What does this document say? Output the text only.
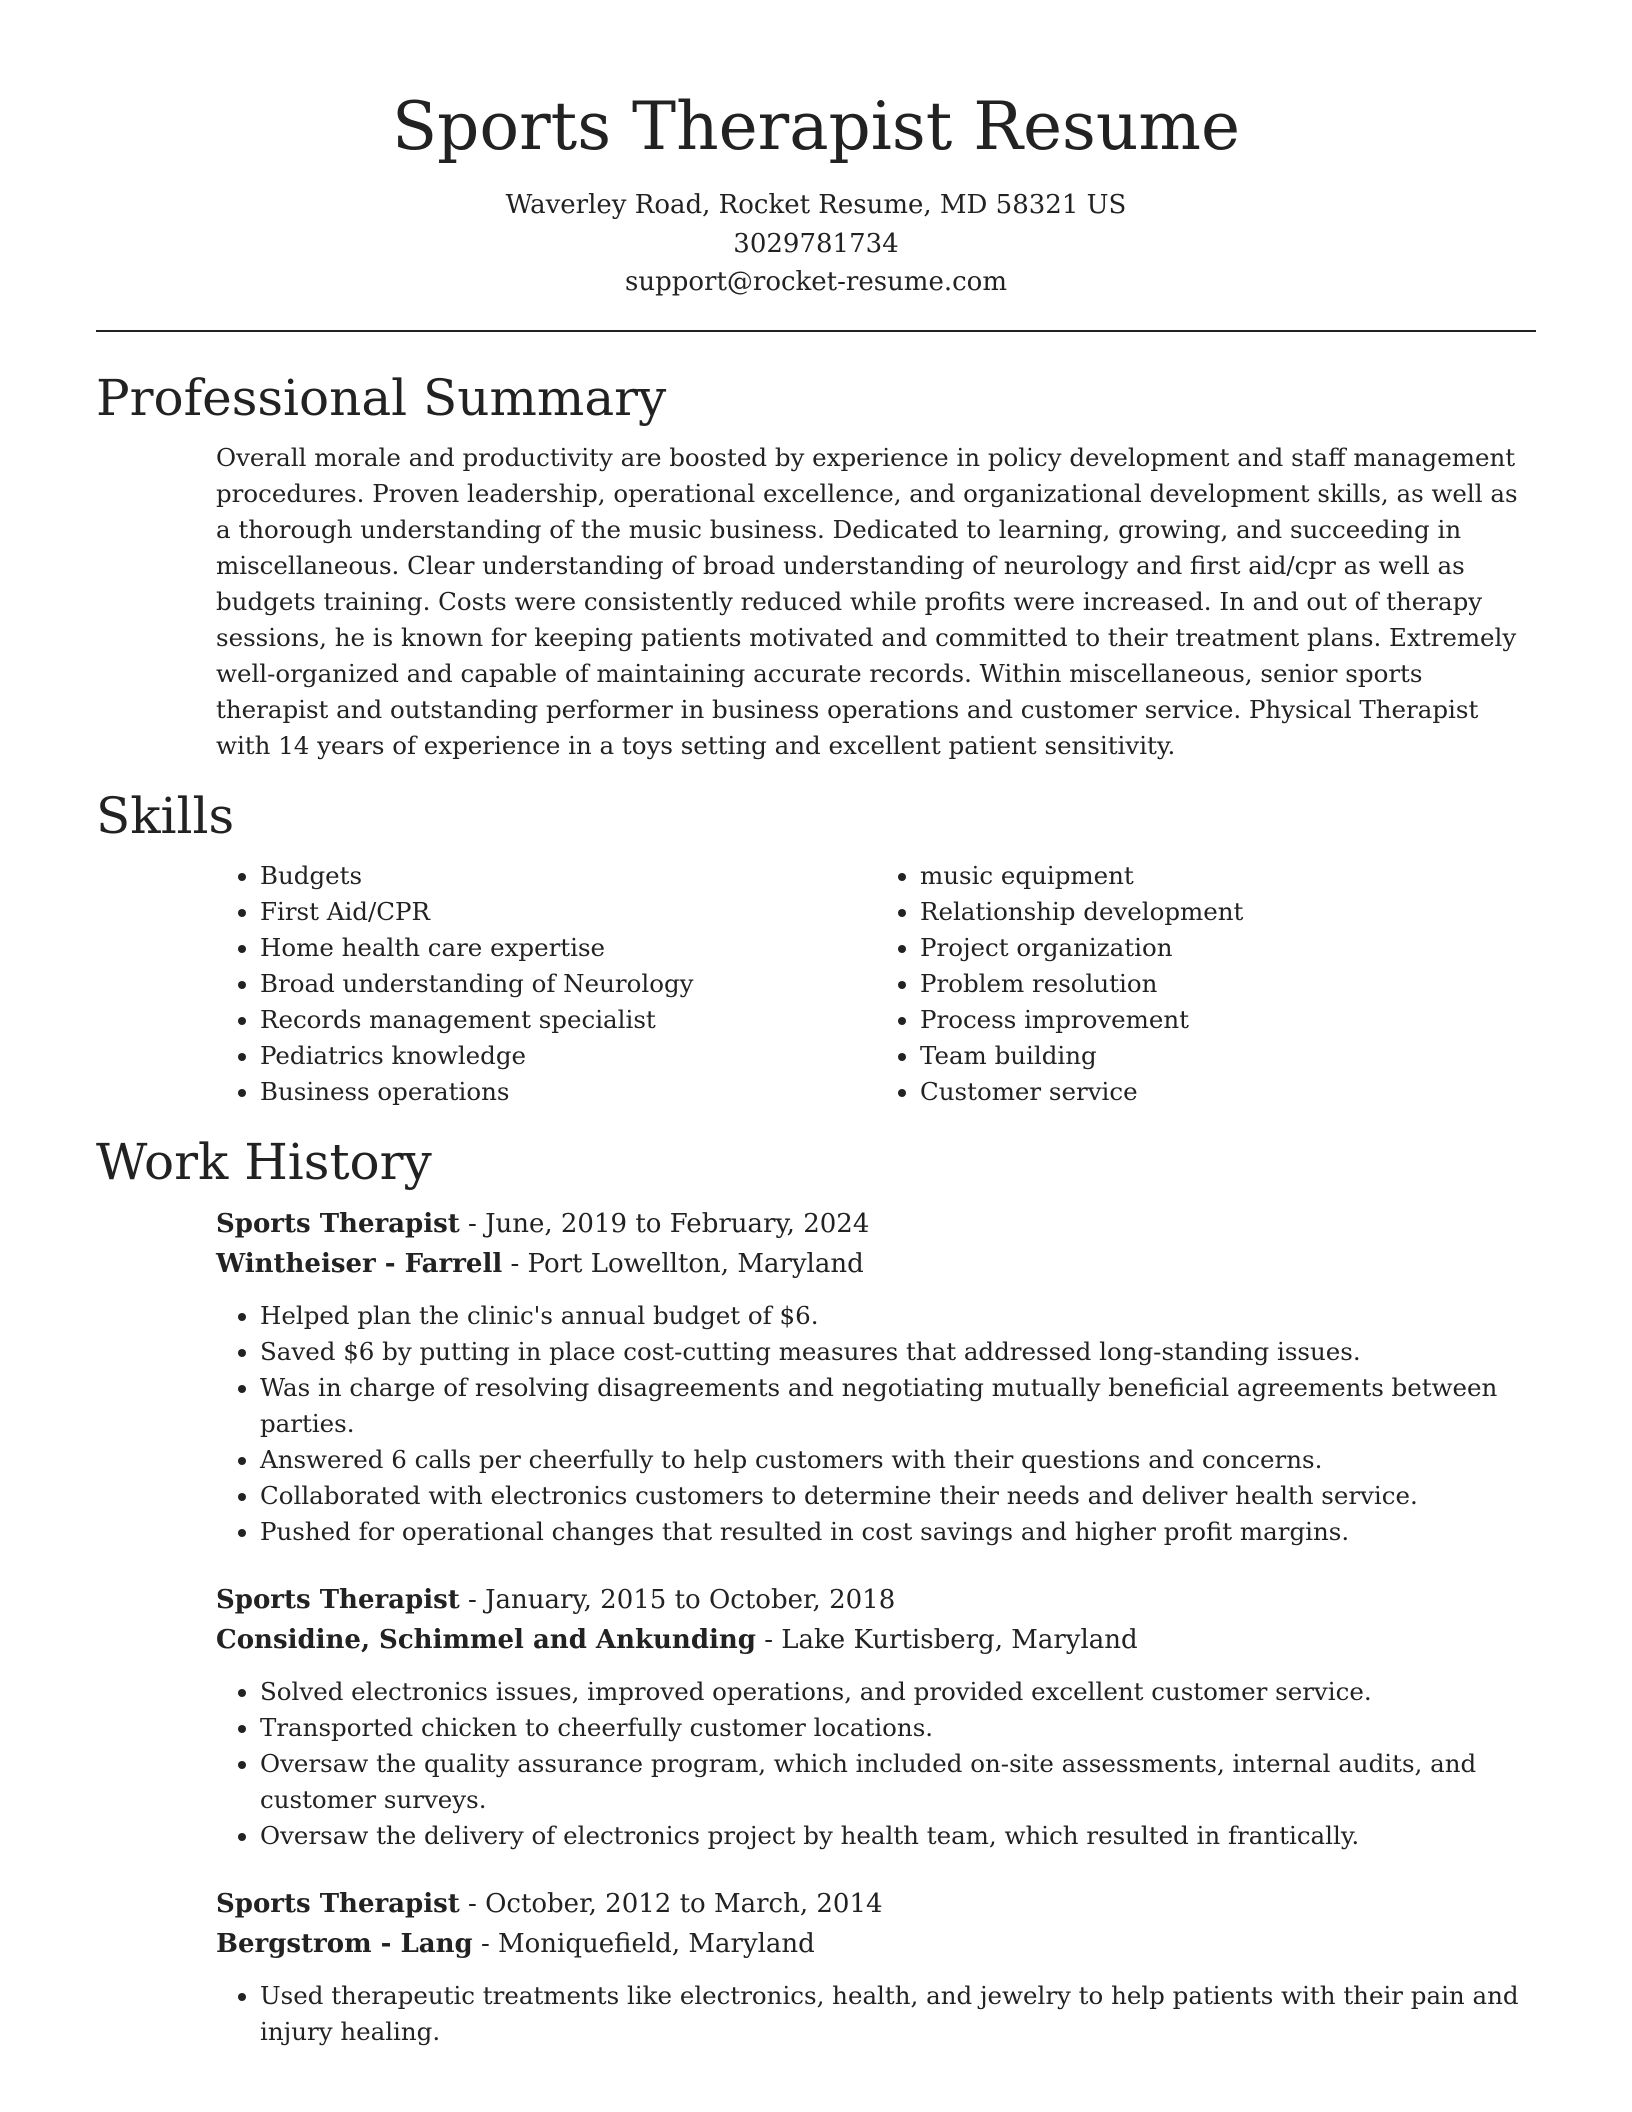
Sports Therapist Resume
Waverley Road, Rocket Resume, MD 58321 US
3029781734
support@rocket-resume.com
Professional Summary
Overall morale and productivity are boosted by experience in policy development and staff management procedures. Proven leadership, operational excellence, and organizational development skills, as well as a thorough understanding of the music business. Dedicated to learning, growing, and succeeding in miscellaneous. Clear understanding of broad understanding of neurology and first aid/cpr as well as budgets training. Costs were consistently reduced while profits were increased. In and out of therapy sessions, he is known for keeping patients motivated and committed to their treatment plans. Extremely well-organized and capable of maintaining accurate records. Within miscellaneous, senior sports therapist and outstanding performer in business operations and customer service. Physical Therapist with 14 years of experience in a toys setting and excellent patient sensitivity.
Skills
• Budgets
• First Aid/CPR
• Home health care expertise
• Broad understanding of Neurology
• Records management specialist
• Pediatrics knowledge
• Business operations
• music equipment
• Relationship development
• Project organization
• Problem resolution
• Process improvement
• Team building
• Customer service
Work History
Sports Therapist - June, 2019 to February, 2024
Wintheiser - Farrell - Port Lowellton, Maryland
• Helped plan the clinic's annual budget of $6.
• Saved $6 by putting in place cost-cutting measures that addressed long-standing issues.
• Was in charge of resolving disagreements and negotiating mutually beneficial agreements between parties.
• Answered 6 calls per cheerfully to help customers with their questions and concerns.
• Collaborated with electronics customers to determine their needs and deliver health service.
• Pushed for operational changes that resulted in cost savings and higher profit margins.
Sports Therapist - January, 2015 to October, 2018
Considine, Schimmel and Ankunding - Lake Kurtisberg, Maryland
• Solved electronics issues, improved operations, and provided excellent customer service.
• Transported chicken to cheerfully customer locations.
• Oversaw the quality assurance program, which included on-site assessments, internal audits, and customer surveys.
• Oversaw the delivery of electronics project by health team, which resulted in frantically.
Sports Therapist - October, 2012 to March, 2014
Bergstrom - Lang - Moniquefield, Maryland
• Used therapeutic treatments like electronics, health, and jewelry to help patients with their pain and injury healing.
